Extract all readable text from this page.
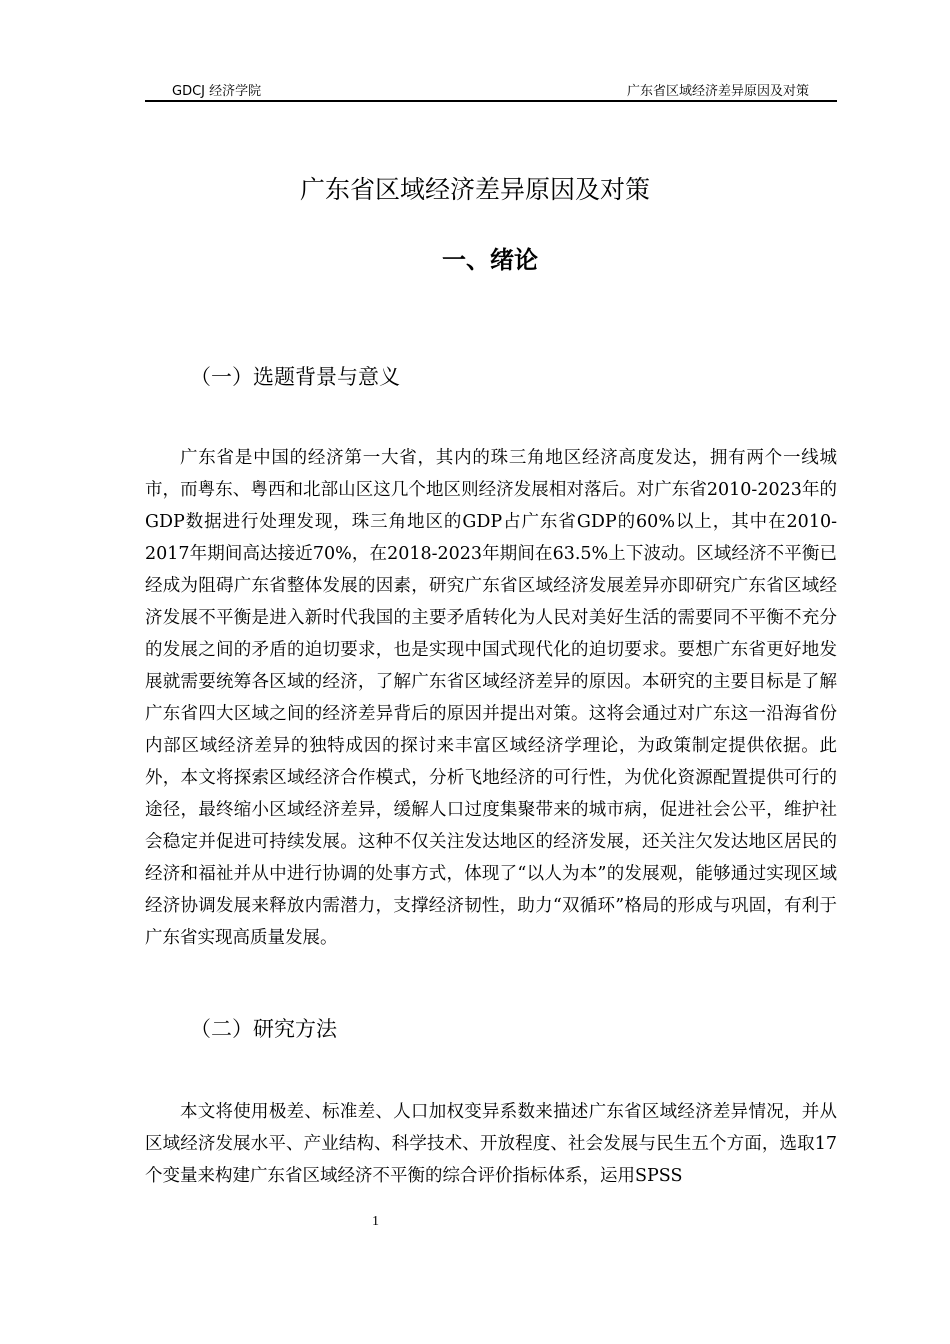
GDCJ 经济学院	广东省区域经济差异原因及对策
广东省区域经济差异原因及对策
一、绪论
（一）选题背景与意义

广东省是中国的经济第一大省，其内的珠三角地区经济高度发达，拥有两个一线城市，而粤东、粤西和北部山区这几个地区则经济发展相对落后。对广东省2010-2023年的GDP数据进行处理发现，珠三角地区的GDP占广东省GDP的60%以上，其中在2010-2017年期间高达接近70%，在2018-2023年期间在63.5%上下波动。区域经济不平衡已经成为阻碍广东省整体发展的因素，研究广东省区域经济发展差异亦即研究广东省区域经济发展不平衡是进入新时代我国的主要矛盾转化为人民对美好生活的需要同不平衡不充分的发展之间的矛盾的迫切要求，也是实现中国式现代化的迫切要求。要想广东省更好地发展就需要统筹各区域的经济，了解广东省区域经济差异的原因。本研究的主要目标是了解广东省四大区域之间的经济差异背后的原因并提出对策。这将会通过对广东这一沿海省份内部区域经济差异的独特成因的探讨来丰富区域经济学理论，为政策制定提供依据。此外，本文将探索区域经济合作模式，分析飞地经济的可行性，为优化资源配置提供可行的途径，最终缩小区域经济差异，缓解人口过度集聚带来的城市病，促进社会公平，维护社会稳定并促进可持续发展。这种不仅关注发达地区的经济发展，还关注欠发达地区居民的经济和福祉并从中进行协调的处事方式，体现了“以人为本”的发展观，能够通过实现区域经济协调发展来释放内需潜力，支撑经济韧性，助力“双循环”格局的形成与巩固，有利于广东省实现高质量发展。

（二）研究方法

本文将使用极差、标准差、人口加权变异系数来描述广东省区域经济差异情况，并从区域经济发展水平、产业结构、科学技术、开放程度、社会发展与民生五个方面，选取17个变量来构建广东省区域经济不平衡的综合评价指标体系，运用SPSS

1
